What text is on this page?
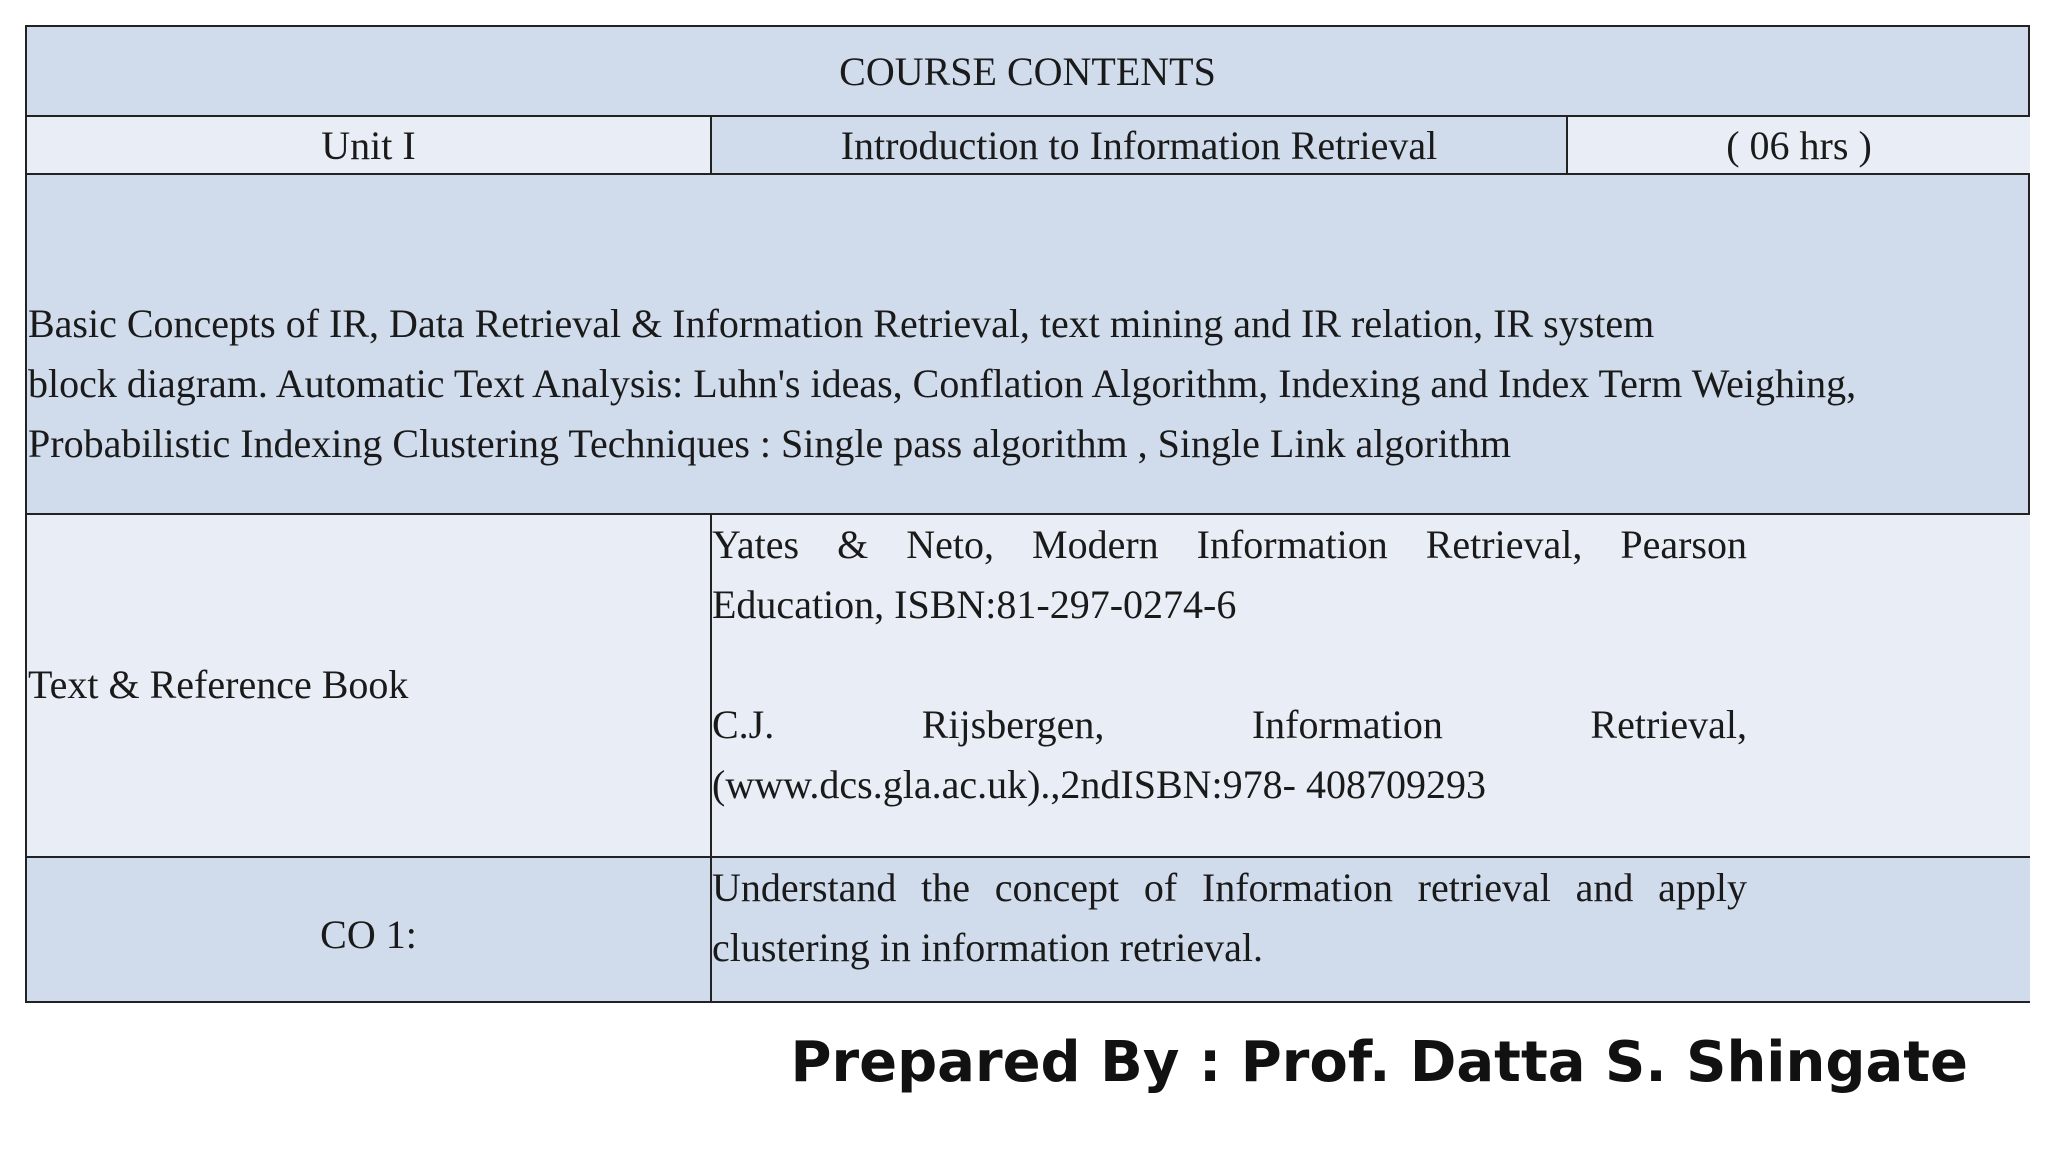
COURSE CONTENTS
Unit I	Introduction to Information Retrieval	( 06 hrs )
Basic Concepts of IR, Data Retrieval & Information Retrieval, text mining and IR relation, IR system
block diagram. Automatic Text Analysis: Luhn's ideas, Conflation Algorithm, Indexing and Index Term Weighing,
Probabilistic Indexing Clustering Techniques : Single pass algorithm , Single Link algorithm
Text & Reference Book
Yates & Neto, Modern Information Retrieval, Pearson
Education, ISBN:81-297-0274-6
C.J. Rijsbergen, Information Retrieval,
(www.dcs.gla.ac.uk).,2ndISBN:978- 408709293
CO 1:
Understand the concept of Information retrieval and apply
clustering in information retrieval.
Prepared By : Prof. Datta S. Shingate
